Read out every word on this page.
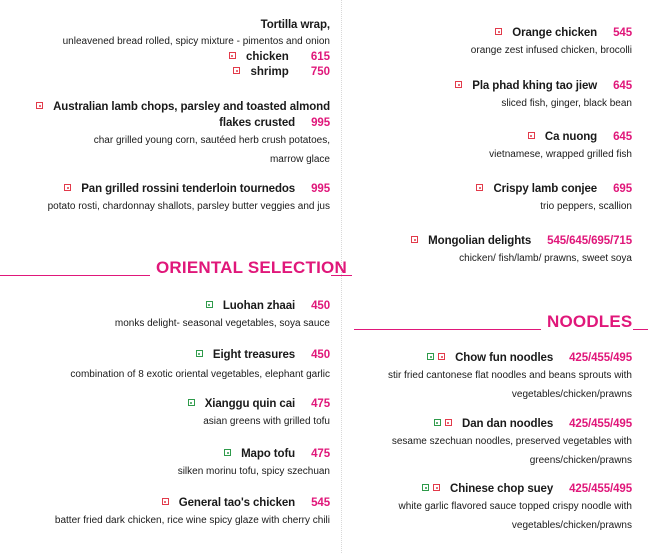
Tortilla wrap,
unleavened bread rolled, spicy mixture - pimentos and onion
chicken 615
shrimp 750
Australian lamb chops, parsley and toasted almond
flakes crusted 995
char grilled young corn, sautéed herb crush potatoes,
marrow glace
Pan grilled rossini tenderloin tournedos 995
potato rosti, chardonnay shallots, parsley butter veggies and jus
ORIENTAL SELECTION
Luohan zhaai 450
monks delight- seasonal vegetables, soya sauce
Eight treasures 450
combination of 8 exotic oriental vegetables, elephant garlic
Xianggu quin cai 475
asian greens with grilled tofu
Mapo tofu 475
silken morinu tofu, spicy szechuan
General tao's chicken 545
batter fried dark chicken, rice wine spicy glaze with cherry chili
Orange chicken 545
orange zest infused chicken, brocolli
Pla phad khing tao jiew 645
sliced fish, ginger, black bean
Ca nuong 645
vietnamese, wrapped grilled fish
Crispy lamb conjee 695
trio peppers, scallion
Mongolian delights 545/645/695/715
chicken/ fish/lamb/ prawns, sweet soya
NOODLES
Chow fun noodles 425/455/495
stir fried cantonese flat noodles and beans sprouts with
vegetables/chicken/prawns
Dan dan noodles 425/455/495
sesame szechuan noodles, preserved vegetables with
greens/chicken/prawns
Chinese chop suey 425/455/495
white garlic flavored sauce topped crispy noodle with
vegetables/chicken/prawns
